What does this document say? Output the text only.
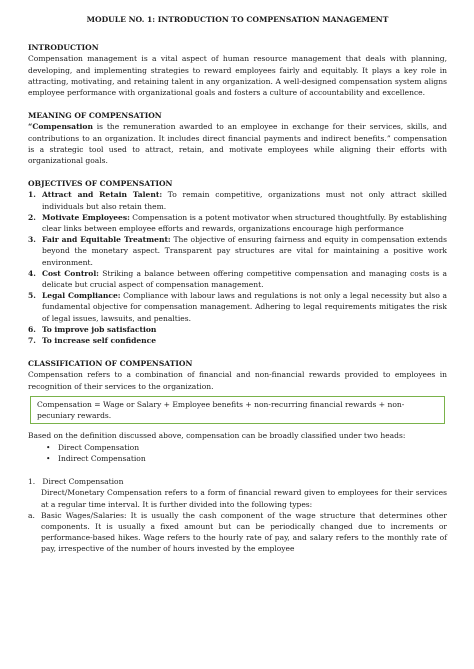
MODULE NO. 1: INTRODUCTION TO COMPENSATION MANAGEMENT

INTRODUCTION

Compensation management is a vital aspect of human resource management that deals with planning, developing, and implementing strategies to reward employees fairly and equitably. It plays a key role in attracting, motivating, and retaining talent in any organization. A well-designed compensation system aligns employee performance with organizational goals and fosters a culture of accountability and excellence.

MEANING OF COMPENSATION

“Compensation is the remuneration awarded to an employee in exchange for their services, skills, and contributions to an organization. It includes direct financial payments and indirect benefits.” compensation is a strategic tool used to attract, retain, and motivate employees while aligning their efforts with organizational goals.

OBJECTIVES OF COMPENSATION

1. Attract and Retain Talent: To remain competitive, organizations must not only attract skilled individuals but also retain them.
2. Motivate Employees: Compensation is a potent motivator when structured thoughtfully. By establishing clear links between employee efforts and rewards, organizations encourage high performance
3. Fair and Equitable Treatment: The objective of ensuring fairness and equity in compensation extends beyond the monetary aspect. Transparent pay structures are vital for maintaining a positive work environment.
4. Cost Control: Striking a balance between offering competitive compensation and managing costs is a delicate but crucial aspect of compensation management.
5. Legal Compliance: Compliance with labour laws and regulations is not only a legal necessity but also a fundamental objective for compensation management. Adhering to legal requirements mitigates the risk of legal issues, lawsuits, and penalties.
6. To improve job satisfaction
7. To increase self confidence

CLASSIFICATION OF COMPENSATION

Compensation refers to a combination of financial and non-financial rewards provided to employees in recognition of their services to the organization.

Compensation = Wage or Salary + Employee benefits + non-recurring financial rewards + non-pecuniary rewards.

Based on the definition discussed above, compensation can be broadly classified under two heads:

• Direct Compensation
• Indirect Compensation

1. Direct Compensation

Direct/Monetary Compensation refers to a form of financial reward given to employees for their services at a regular time interval. It is further divided into the following types:

a. Basic Wages/Salaries: It is usually the cash component of the wage structure that determines other components. It is usually a fixed amount but can be periodically changed due to increments or performance-based hikes. Wage refers to the hourly rate of pay, and salary refers to the monthly rate of pay, irrespective of the number of hours invested by the employee
